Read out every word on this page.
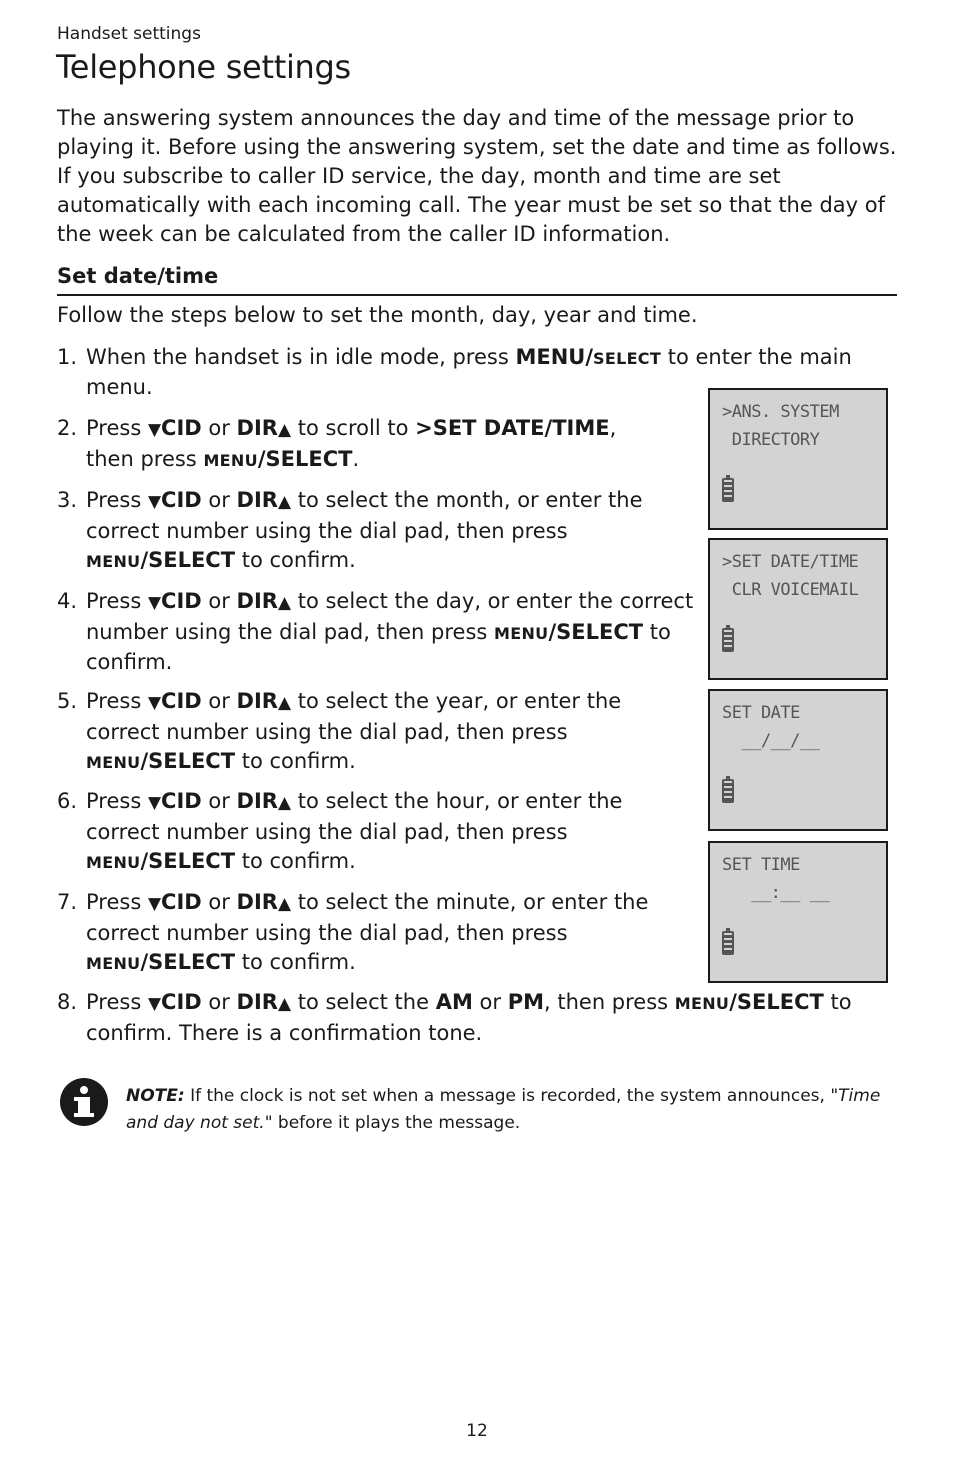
Handset settings
Telephone settings

The answering system announces the day and time of the message prior to playing it. Before using the answering system, set the date and time as follows. If you subscribe to caller ID service, the day, month and time are set automatically with each incoming call. The year must be set so that the day of the week can be calculated from the caller ID information.

Set date/time

Follow the steps below to set the month, day, year and time.

1. When the handset is in idle mode, press MENU/SELECT to enter the main menu.
2. Press ▼CID or DIR▲ to scroll to >SET DATE/TIME,
then press MENU/SELECT.
3. Press ▼CID or DIR▲ to select the month, or enter the correct number using the dial pad, then press MENU/SELECT to confirm.
4. Press ▼CID or DIR▲ to select the day, or enter the correct number using the dial pad, then press MENU/SELECT to confirm.
5. Press ▼CID or DIR▲ to select the year, or enter the correct number using the dial pad, then press MENU/SELECT to confirm.
6. Press ▼CID or DIR▲ to select the hour, or enter the correct number using the dial pad, then press MENU/SELECT to confirm.
7. Press ▼CID or DIR▲ to select the minute, or enter the correct number using the dial pad, then press MENU/SELECT to confirm.
8. Press ▼CID or DIR▲ to select the AM or PM, then press MENU/SELECT to confirm. There is a confirmation tone.
>ANS. SYSTEM
DIRECTORY
>SET DATE/TIME
CLR VOICEMAIL
SET DATE
__/__/__
SET TIME
__:__ __

NOTE: If the clock is not set when a message is recorded, the system announces, "Time and day not set." before it plays the message.

12
